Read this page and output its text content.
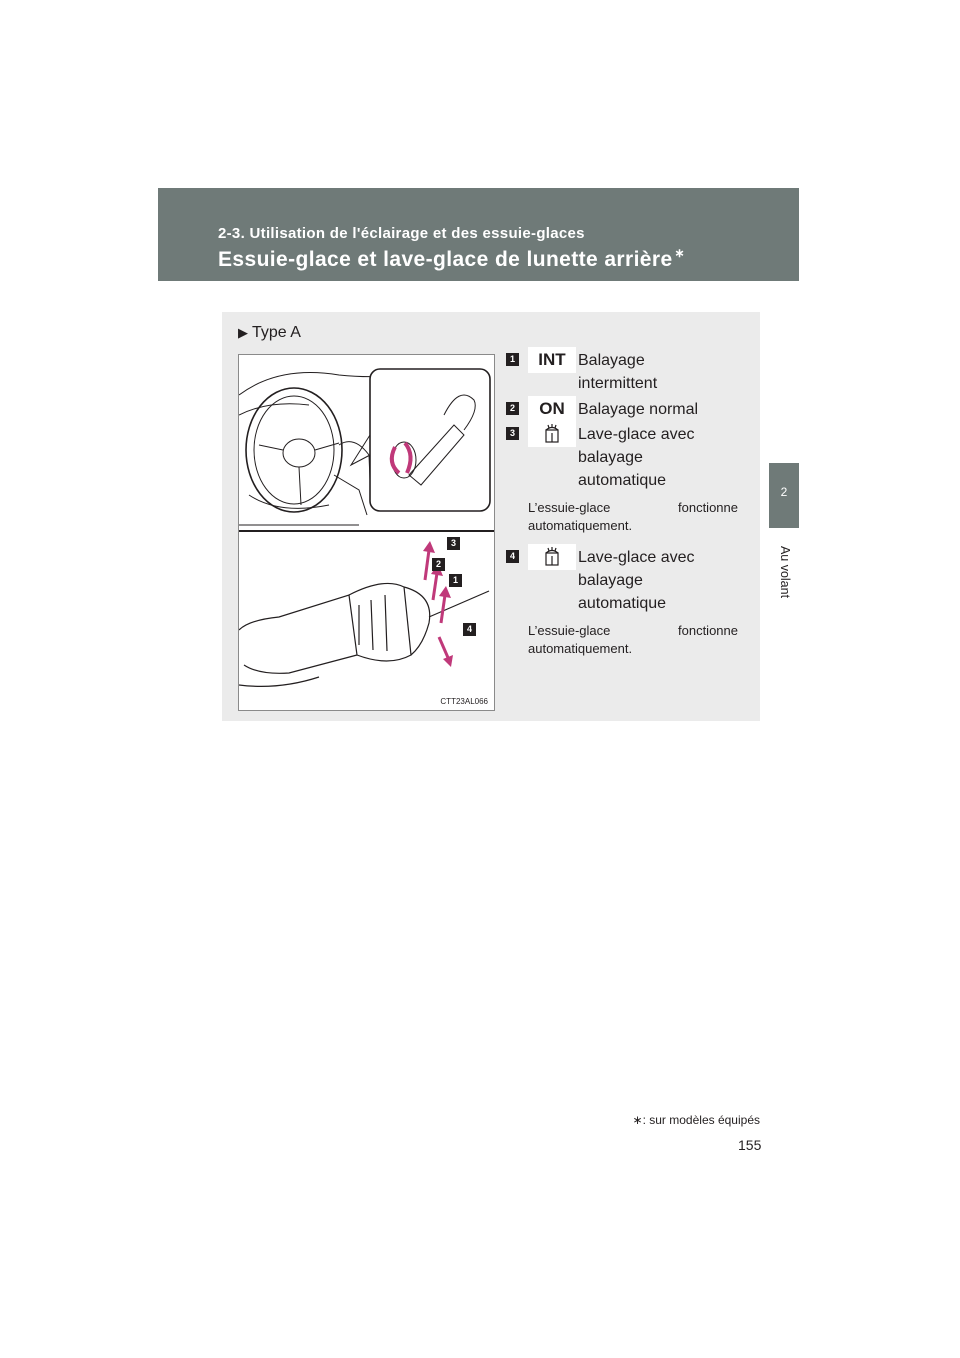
2-3. Utilisation de l'éclairage et des essuie-glaces
Essuie-glace et lave-glace de lunette arrière ∗
2
Au volant
▶ Type A
CTT23AL066
3
2
1
4
1	INT Balayage
intermittent
2	ON Balayage normal
3	Lave-glace avec
balayage
automatique
L’essuie-glace fonctionne automatiquement.
4	Lave-glace avec
balayage
automatique
L’essuie-glace fonctionne automatiquement.
∗: sur modèles équipés
155
